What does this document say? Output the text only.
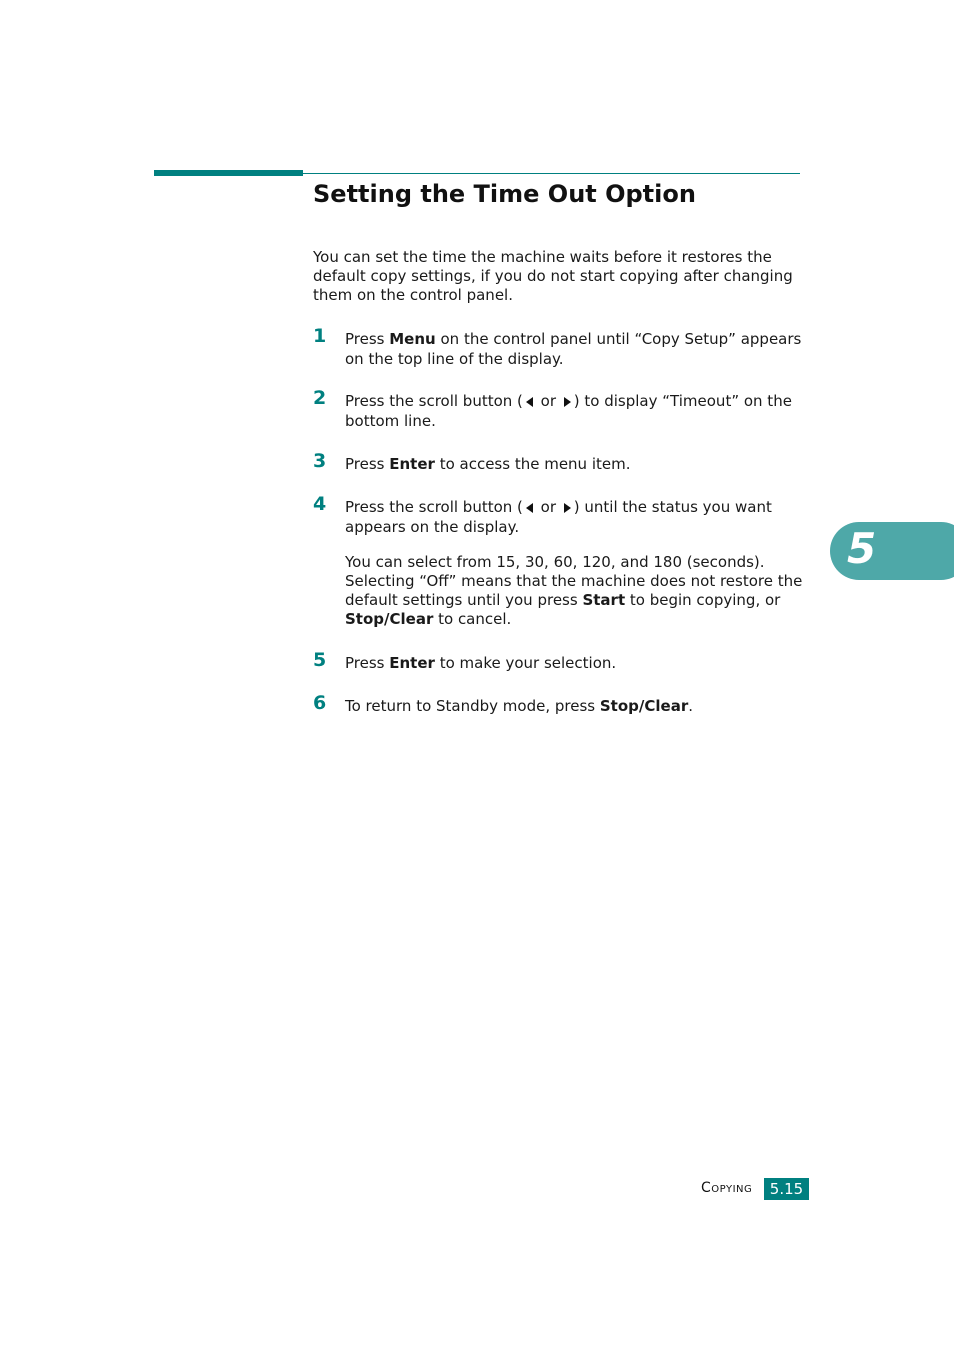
Setting the Time Out Option
You can set the time the machine waits before it restores the default copy settings, if you do not start copying after changing them on the control panel.
1 Press Menu on the control panel until “Copy Setup” appears on the top line of the display.
2 Press the scroll button ( or ) to display “Timeout” on the bottom line.
3 Press Enter to access the menu item.
4 Press the scroll button ( or ) until the status you want appears on the display.
You can select from 15, 30, 60, 120, and 180 (seconds). Selecting “Off” means that the machine does not restore the default settings until you press Start to begin copying, or Stop/Clear to cancel.
5 Press Enter to make your selection.
6 To return to Standby mode, press Stop/Clear.
5
Copying	5.15
